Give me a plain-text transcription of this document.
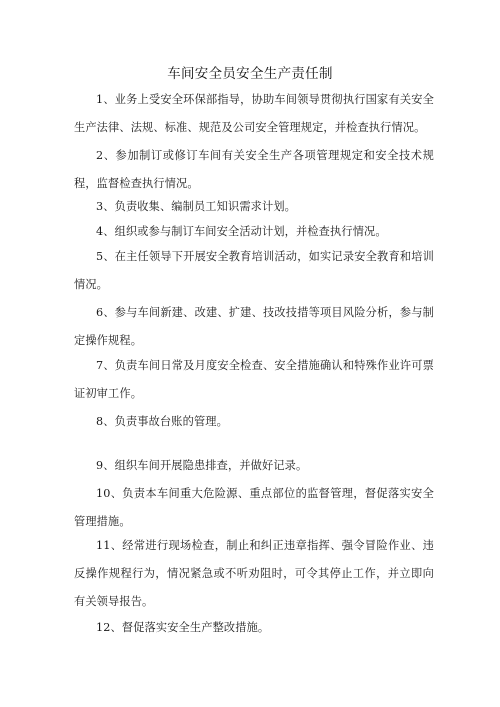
车间安全员安全生产责任制

1、业务上受安全环保部指导，协助车间领导贯彻执行国家有关安全生产法律、法规、标准、规范及公司安全管理规定，并检查执行情况。

2、参加制订或修订车间有关安全生产各项管理规定和安全技术规程，监督检查执行情况。

3、负责收集、编制员工知识需求计划。

4、组织或参与制订车间安全活动计划，并检查执行情况。

5、在主任领导下开展安全教育培训活动，如实记录安全教育和培训情况。

6、参与车间新建、改建、扩建、技改技措等项目风险分析，参与制定操作规程。

7、负责车间日常及月度安全检查、安全措施确认和特殊作业许可票证初审工作。

8、负责事故台账的管理。

9、组织车间开展隐患排查，并做好记录。

10、负责本车间重大危险源、重点部位的监督管理，督促落实安全管理措施。

11、经常进行现场检查，制止和纠正违章指挥、强令冒险作业、违反操作规程行为，情况紧急或不听劝阻时，可令其停止工作，并立即向有关领导报告。

12、督促落实安全生产整改措施。
